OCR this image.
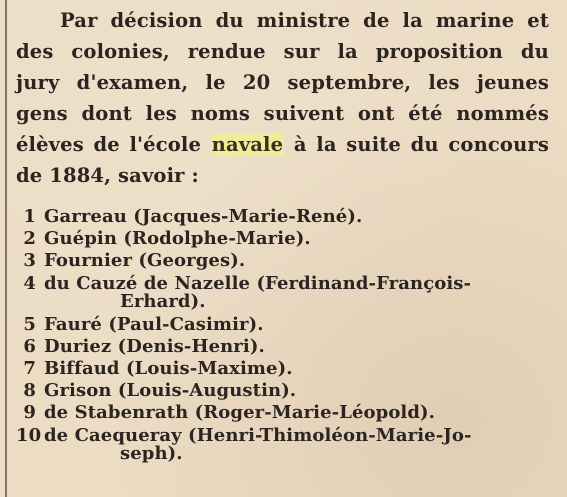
Par décision du ministre de la marine et
des colonies, rendue sur la proposition du
jury d'examen, le 20 septembre, les jeunes
gens dont les noms suivent ont été nommés
élèves de l'école navale à la suite du concours
de 1884, savoir :
1 Garreau (Jacques-Marie-René).
2 Guépin (Rodolphe-Marie).
3 Fournier (Georges).
4 du Cauzé de Nazelle (Ferdinand-François-
Erhard).
5 Fauré (Paul-Casimir).
6 Duriez (Denis-Henri).
7 Biffaud (Louis-Maxime).
8 Grison (Louis-Augustin).
9 de Stabenrath (Roger-Marie-Léopold).
10 de Caequeray (Henri-Thimoléon-Marie-Jo-
seph).
